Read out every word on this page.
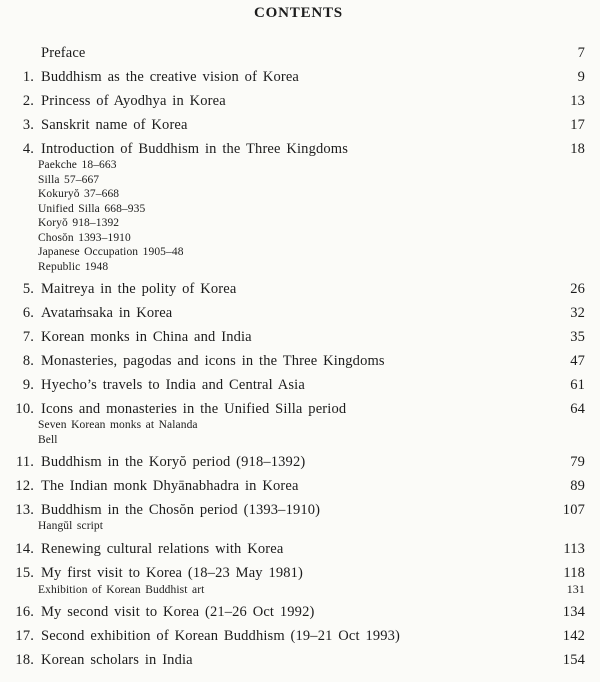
CONTENTS
Preface	7
1. Buddhism as the creative vision of Korea	9
2. Princess of Ayodhya in Korea	13
3. Sanskrit name of Korea	17
4. Introduction of Buddhism in the Three Kingdoms	18
Paekche 18–663
Silla 57–667
Kokuryŏ 37–668
Unified Silla 668–935
Koryŏ 918–1392
Chosŏn 1393–1910
Japanese Occupation 1905–48
Republic 1948
5. Maitreya in the polity of Korea	26
6. Avataṁsaka in Korea	32
7. Korean monks in China and India	35
8. Monasteries, pagodas and icons in the Three Kingdoms	47
9. Hyecho’s travels to India and Central Asia	61
10. Icons and monasteries in the Unified Silla period	64
Seven Korean monks at Nalanda
Bell
11. Buddhism in the Koryŏ period (918–1392)	79
12. The Indian monk Dhyānabhadra in Korea	89
13. Buddhism in the Chosŏn period (1393–1910)	107
Hangŭl script
14. Renewing cultural relations with Korea	113
15. My first visit to Korea (18–23 May 1981)	118
Exhibition of Korean Buddhist art	131
16. My second visit to Korea (21–26 Oct 1992)	134
17. Second exhibition of Korean Buddhism (19–21 Oct 1993)	142
18. Korean scholars in India	154
